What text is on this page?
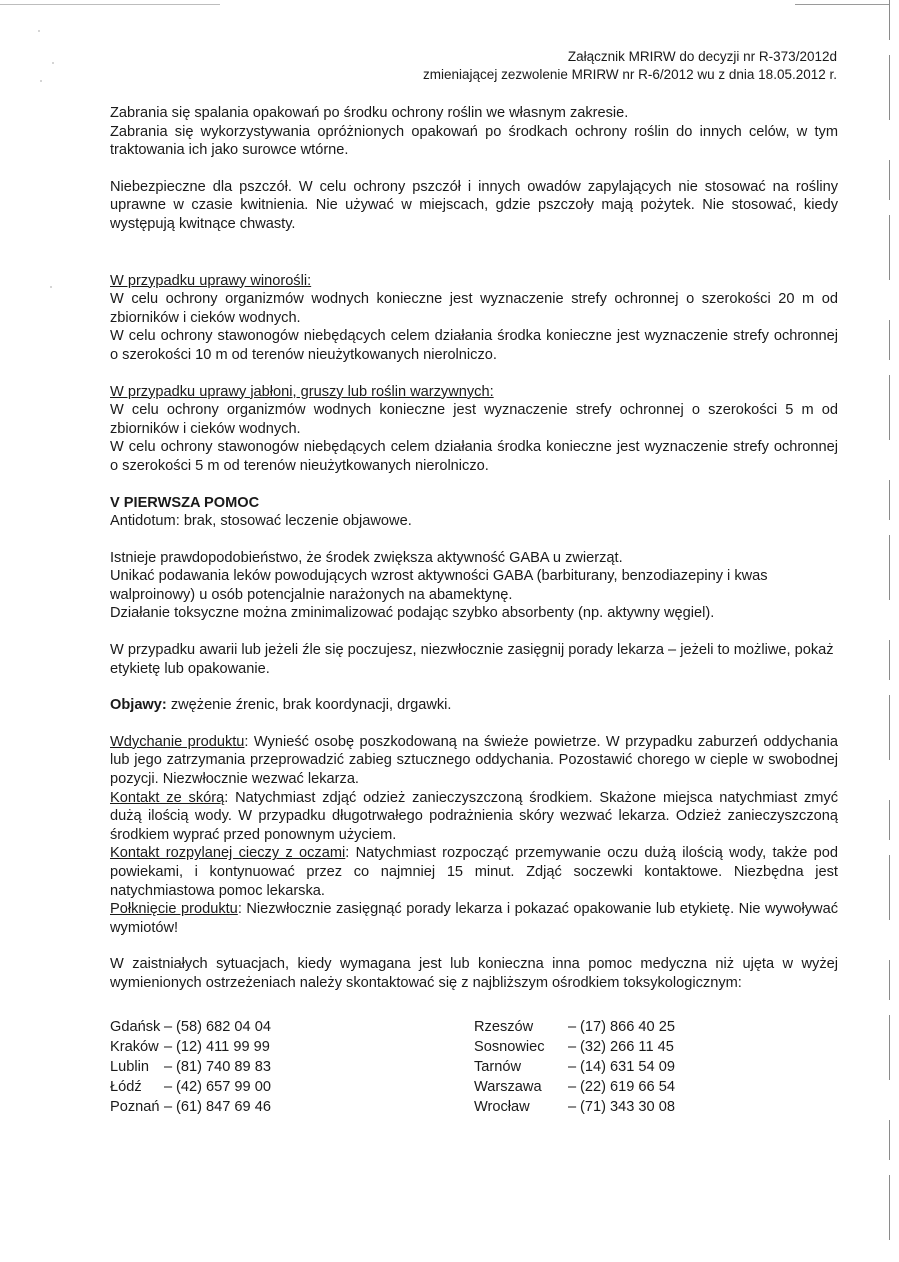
Załącznik MRIRW do decyzji nr R-373/2012d
zmieniającej zezwolenie MRIRW nr R-6/2012 wu z dnia 18.05.2012 r.

Zabrania się spalania opakowań po środku ochrony roślin we własnym zakresie.

Zabrania się wykorzystywania opróżnionych opakowań po środkach ochrony roślin do innych celów, w tym traktowania ich jako surowce wtórne.

Niebezpieczne dla pszczół. W celu ochrony pszczół i innych owadów zapylających nie stosować na rośliny uprawne w czasie kwitnienia. Nie używać w miejscach, gdzie pszczoły mają pożytek. Nie stosować, kiedy występują kwitnące chwasty.

W przypadku uprawy winorośli:

W celu ochrony organizmów wodnych konieczne jest wyznaczenie strefy ochronnej o szerokości 20 m od zbiorników i cieków wodnych.

W celu ochrony stawonogów niebędących celem działania środka konieczne jest wyznaczenie strefy ochronnej o szerokości 10 m od terenów nieużytkowanych nierolniczo.

W przypadku uprawy jabłoni, gruszy lub roślin warzywnych:

W celu ochrony organizmów wodnych konieczne jest wyznaczenie strefy ochronnej o szerokości 5 m od zbiorników i cieków wodnych.

W celu ochrony stawonogów niebędących celem działania środka konieczne jest wyznaczenie strefy ochronnej o szerokości 5 m od terenów nieużytkowanych nierolniczo.

V PIERWSZA POMOC

Antidotum: brak, stosować leczenie objawowe.

Istnieje prawdopodobieństwo, że środek zwiększa aktywność GABA u zwierząt.

Unikać podawania leków powodujących wzrost aktywności GABA (barbiturany, benzodiazepiny i kwas walproinowy) u osób potencjalnie narażonych na abamektynę.

Działanie toksyczne można zminimalizować podając szybko absorbenty (np. aktywny węgiel).

W przypadku awarii lub jeżeli źle się poczujesz, niezwłocznie zasięgnij porady lekarza – jeżeli to możliwe, pokaż etykietę lub opakowanie.

Objawy: zwężenie źrenic, brak koordynacji, drgawki.

Wdychanie produktu: Wynieść osobę poszkodowaną na świeże powietrze. W przypadku zaburzeń oddychania lub jego zatrzymania przeprowadzić zabieg sztucznego oddychania. Pozostawić chorego w cieple w swobodnej pozycji. Niezwłocznie wezwać lekarza.

Kontakt ze skórą: Natychmiast zdjąć odzież zanieczyszczoną środkiem. Skażone miejsca natychmiast zmyć dużą ilością wody. W przypadku długotrwałego podrażnienia skóry wezwać lekarza. Odzież zanieczyszczoną środkiem wyprać przed ponownym użyciem.

Kontakt rozpylanej cieczy z oczami: Natychmiast rozpocząć przemywanie oczu dużą ilością wody, także pod powiekami, i kontynuować przez co najmniej 15 minut. Zdjąć soczewki kontaktowe. Niezbędna jest natychmiastowa pomoc lekarska.

Połknięcie produktu: Niezwłocznie zasięgnąć porady lekarza i pokazać opakowanie lub etykietę. Nie wywoływać wymiotów!

W zaistniałych sytuacjach, kiedy wymagana jest lub konieczna inna pomoc medyczna niż ujęta w wyżej wymienionych ostrzeżeniach należy skontaktować się z najbliższym ośrodkiem toksykologicznym:

Gdańsk – (58) 682 04 04
Kraków – (12) 411 99 99
Lublin	– (81) 740 89 83
Łódź	– (42) 657 99 00
Poznań – (61) 847 69 46
Rzeszów	– (17) 866 40 25
Sosnowiec	– (32) 266 11 45
Tarnów	– (14) 631 54 09
Warszawa	– (22) 619 66 54
Wrocław	– (71) 343 30 08
